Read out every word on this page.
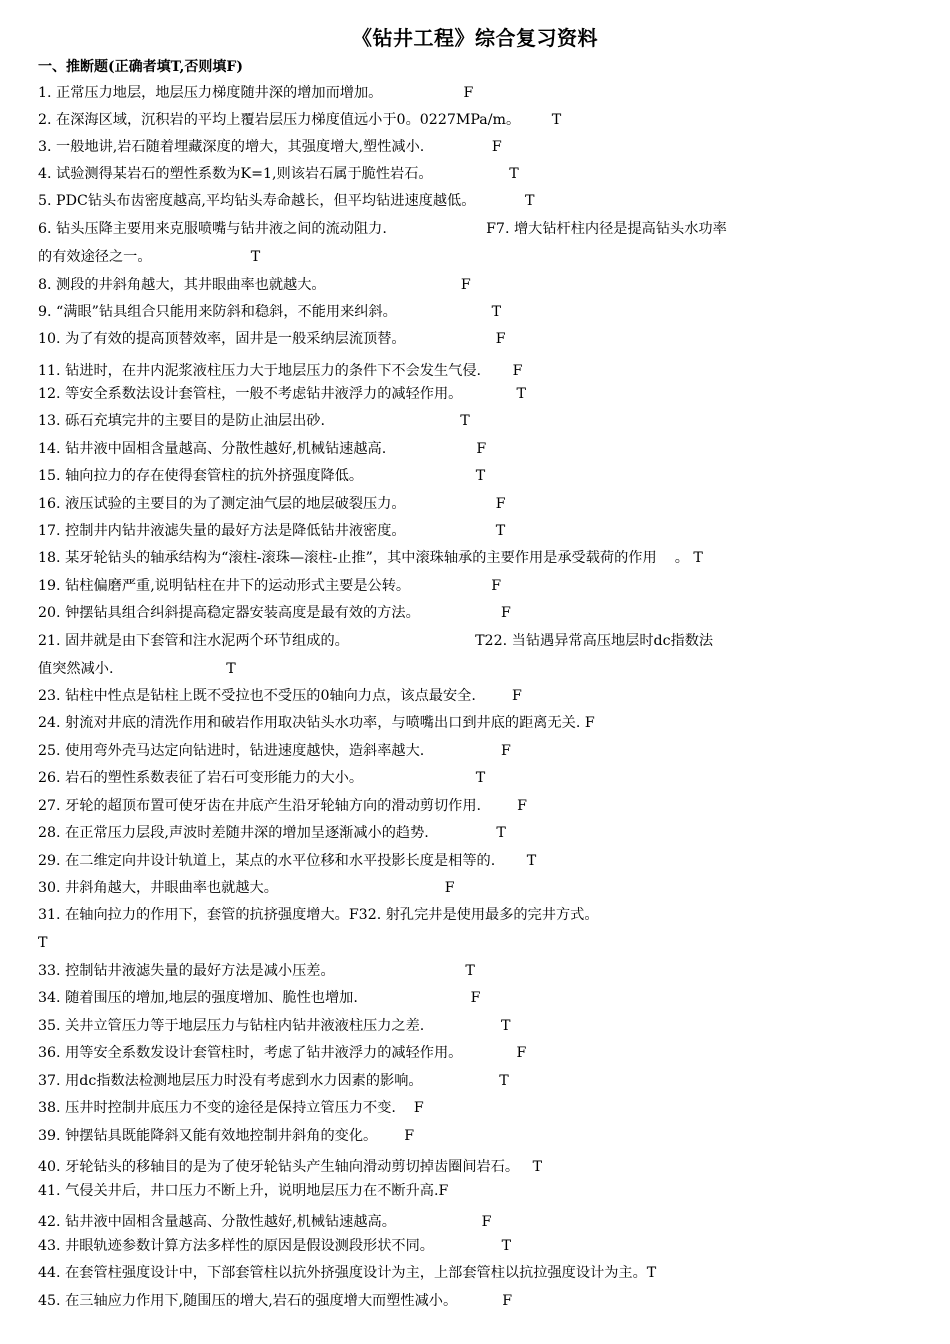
《钻井工程》综合复习资料
一、推断题(正确者填T,否则填F)
1. 正常压力地层，地层压力梯度随井深的增加而增加。                  F
2. 在深海区域，沉积岩的平均上覆岩层压力梯度值远小于0。0227MPa/m。       T
3. 一般地讲,岩石随着埋藏深度的增大，其强度增大,塑性减小.               F
4. 试验测得某岩石的塑性系数为K=1,则该岩石属于脆性岩石。                 T
5. PDC钻头布齿密度越高,平均钻头寿命越长，但平均钻进速度越低。           T
6. 钻头压降主要用来克服喷嘴与钻井液之间的流动阻力.                      F7. 增大钻杆柱内径是提高钻头水功率
的有效途径之一。                      T
8. 测段的井斜角越大，其井眼曲率也就越大。                              F
9. “满眼”钻具组合只能用来防斜和稳斜，不能用来纠斜。                     T
10. 为了有效的提高顶替效率，固井是一般采纳层流顶替。                    F
11. 钻进时，在井内泥浆液柱压力大于地层压力的条件下不会发生气侵.       F
12. 等安全系数法设计套管柱，一般不考虑钻井液浮力的减轻作用。            T
13. 砾石充填完井的主要目的是防止油层出砂.                              T
14. 钻井液中固相含量越高、分散性越好,机械钻速越高.                    F
15. 轴向拉力的存在使得套管柱的抗外挤强度降低。                         T
16. 液压试验的主要目的为了测定油气层的地层破裂压力。                    F
17. 控制井内钻井液滤失量的最好方法是降低钻井液密度。                    T
18. 某牙轮钻头的轴承结构为“滚柱-滚珠—滚柱-止推”，其中滚珠轴承的主要作用是承受载荷的作用    。 T
19. 钻柱偏磨严重,说明钻柱在井下的运动形式主要是公转。                  F
20. 钟摆钻具组合纠斜提高稳定器安装高度是最有效的方法。                  F
21. 固井就是由下套管和注水泥两个环节组成的。                            T22. 当钻遇异常高压地层时dc指数法
值突然减小.                         T
23. 钻柱中性点是钻柱上既不受拉也不受压的0轴向力点，该点最安全.        F
24. 射流对井底的清洗作用和破岩作用取决钻头水功率，与喷嘴出口到井底的距离无关. F
25. 使用弯外壳马达定向钻进时，钻进速度越快，造斜率越大.                 F
26. 岩石的塑性系数表征了岩石可变形能力的大小。                         T
27. 牙轮的超顶布置可使牙齿在井底产生沿牙轮轴方向的滑动剪切作用.        F
28. 在正常压力层段,声波时差随井深的增加呈逐渐减小的趋势.               T
29. 在二维定向井设计轨道上，某点的水平位移和水平投影长度是相等的.       T
30. 井斜角越大，井眼曲率也就越大。                                     F
31. 在轴向拉力的作用下，套管的抗挤强度增大。F32. 射孔完井是使用最多的完井方式。
T
33. 控制钻井液滤失量的最好方法是减小压差。                             T
34. 随着围压的增加,地层的强度增加、脆性也增加.                         F
35. 关井立管压力等于地层压力与钻柱内钻井液液柱压力之差.                 T
36. 用等安全系数发设计套管柱时，考虑了钻井液浮力的减轻作用。            F
37. 用dc指数法检测地层压力时没有考虑到水力因素的影响。                 T
38. 压井时控制井底压力不变的途径是保持立管压力不变.    F
39. 钟摆钻具既能降斜又能有效地控制井斜角的变化。      F
40. 牙轮钻头的移轴目的是为了使牙轮钻头产生轴向滑动剪切掉齿圈间岩石。   T
41. 气侵关井后，井口压力不断上升，说明地层压力在不断升高.F
42. 钻井液中固相含量越高、分散性越好,机械钻速越高。                   F
43. 井眼轨迹参数计算方法多样性的原因是假设测段形状不同。               T
44. 在套管柱强度设计中，下部套管柱以抗外挤强度设计为主，上部套管柱以抗拉强度设计为主。T
45. 在三轴应力作用下,随围压的增大,岩石的强度增大而塑性减小。          F
